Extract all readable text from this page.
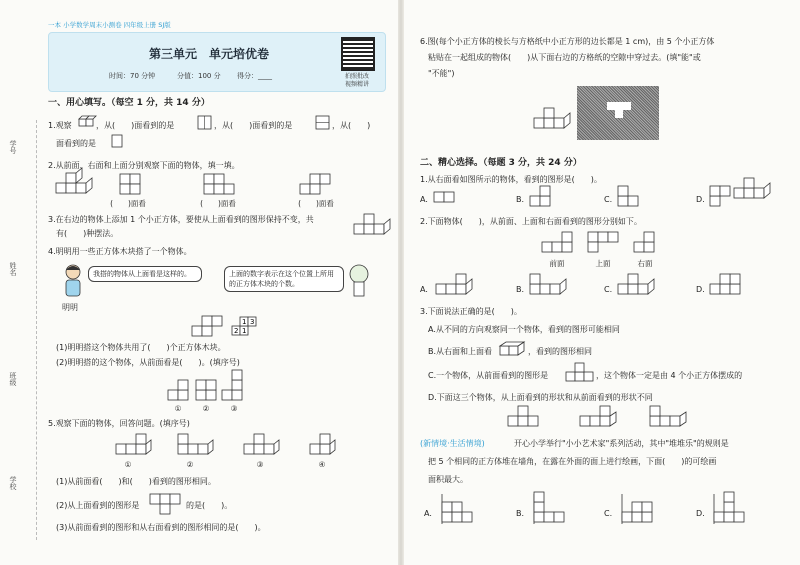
一本 小学数学周末小测卷 四年级上册 SJ版
第三单元　单元培优卷
时间：70 分钟	分值：100 分 得分：____	拍照批改
视频精讲
学号
姓名
班级
学校
一、用心填写。（每空 1 分，共 14 分）
1.观察	，从(　　)面看到的是	，从(　　)面看到的是	，从(　　)
面看到的是
2.从前面、右面和上面分别观察下面的物体，填一填。
(　　)面看	(　　)面看	(　　)面看
3.在右边的物体上添加 1 个小正方体，要使从上面看到的图形保持不变，共
有(　　)种摆法。
4.明明用一些正方体木块搭了一个物体。
我搭的物体从上面看是这样的。	上面的数字表示在这个位置上所用的正方体木块的个数。
明明
2 1
1 3
(1)明明搭这个物体共用了(　　)个正方体木块。
(2)明明搭的这个物体，从前面看是(　　)。(填序号)
①	②	③
5.观察下面的物体，回答问题。(填序号)
①	②	③	④
(1)从前面看(　　)和(　　)看到的图形相同。
(2)从上面看到的图形是	的是(　　)。
(3)从前面看到的图形和从右面看到的图形相同的是(　　)。
6.图(每个小正方体的棱长与方格纸中小正方形的边长都是 1 cm)，由 5 个小正方体
粘贴在一起组成的物体(　　)从下面右边的方格纸的空隙中穿过去。(填"能"或
"不能")
二、精心选择。（每题 3 分，共 24 分）
1.从右面看如图所示的物体，看到的图形是(　　)。
A.	B.	C.	D.
2.下面物体(　　)，从前面、上面和右面看到的图形分别如下。
前面	上面	右面
A.	B.	C.	D.
3.下面说法正确的是(　　)。
A.从不同的方向观察同一个物体，看到的图形可能相同
B.从右面和上面看	，看到的图形相同
C.一个物体，从前面看到的图形是	，这个物体一定是由 4 个小正方体摆成的
D.下面这三个物体，从上面看到的形状和从前面看到的形状不同
(新情境·生活情境)	开心小学举行"小小艺术家"系列活动，其中"堆堆乐"的规则是
把 5 个相同的正方体堆在墙角，在露在外面的面上进行绘画，下面(　　)的可绘画
面积最大。
A.	B.	C.	D.
